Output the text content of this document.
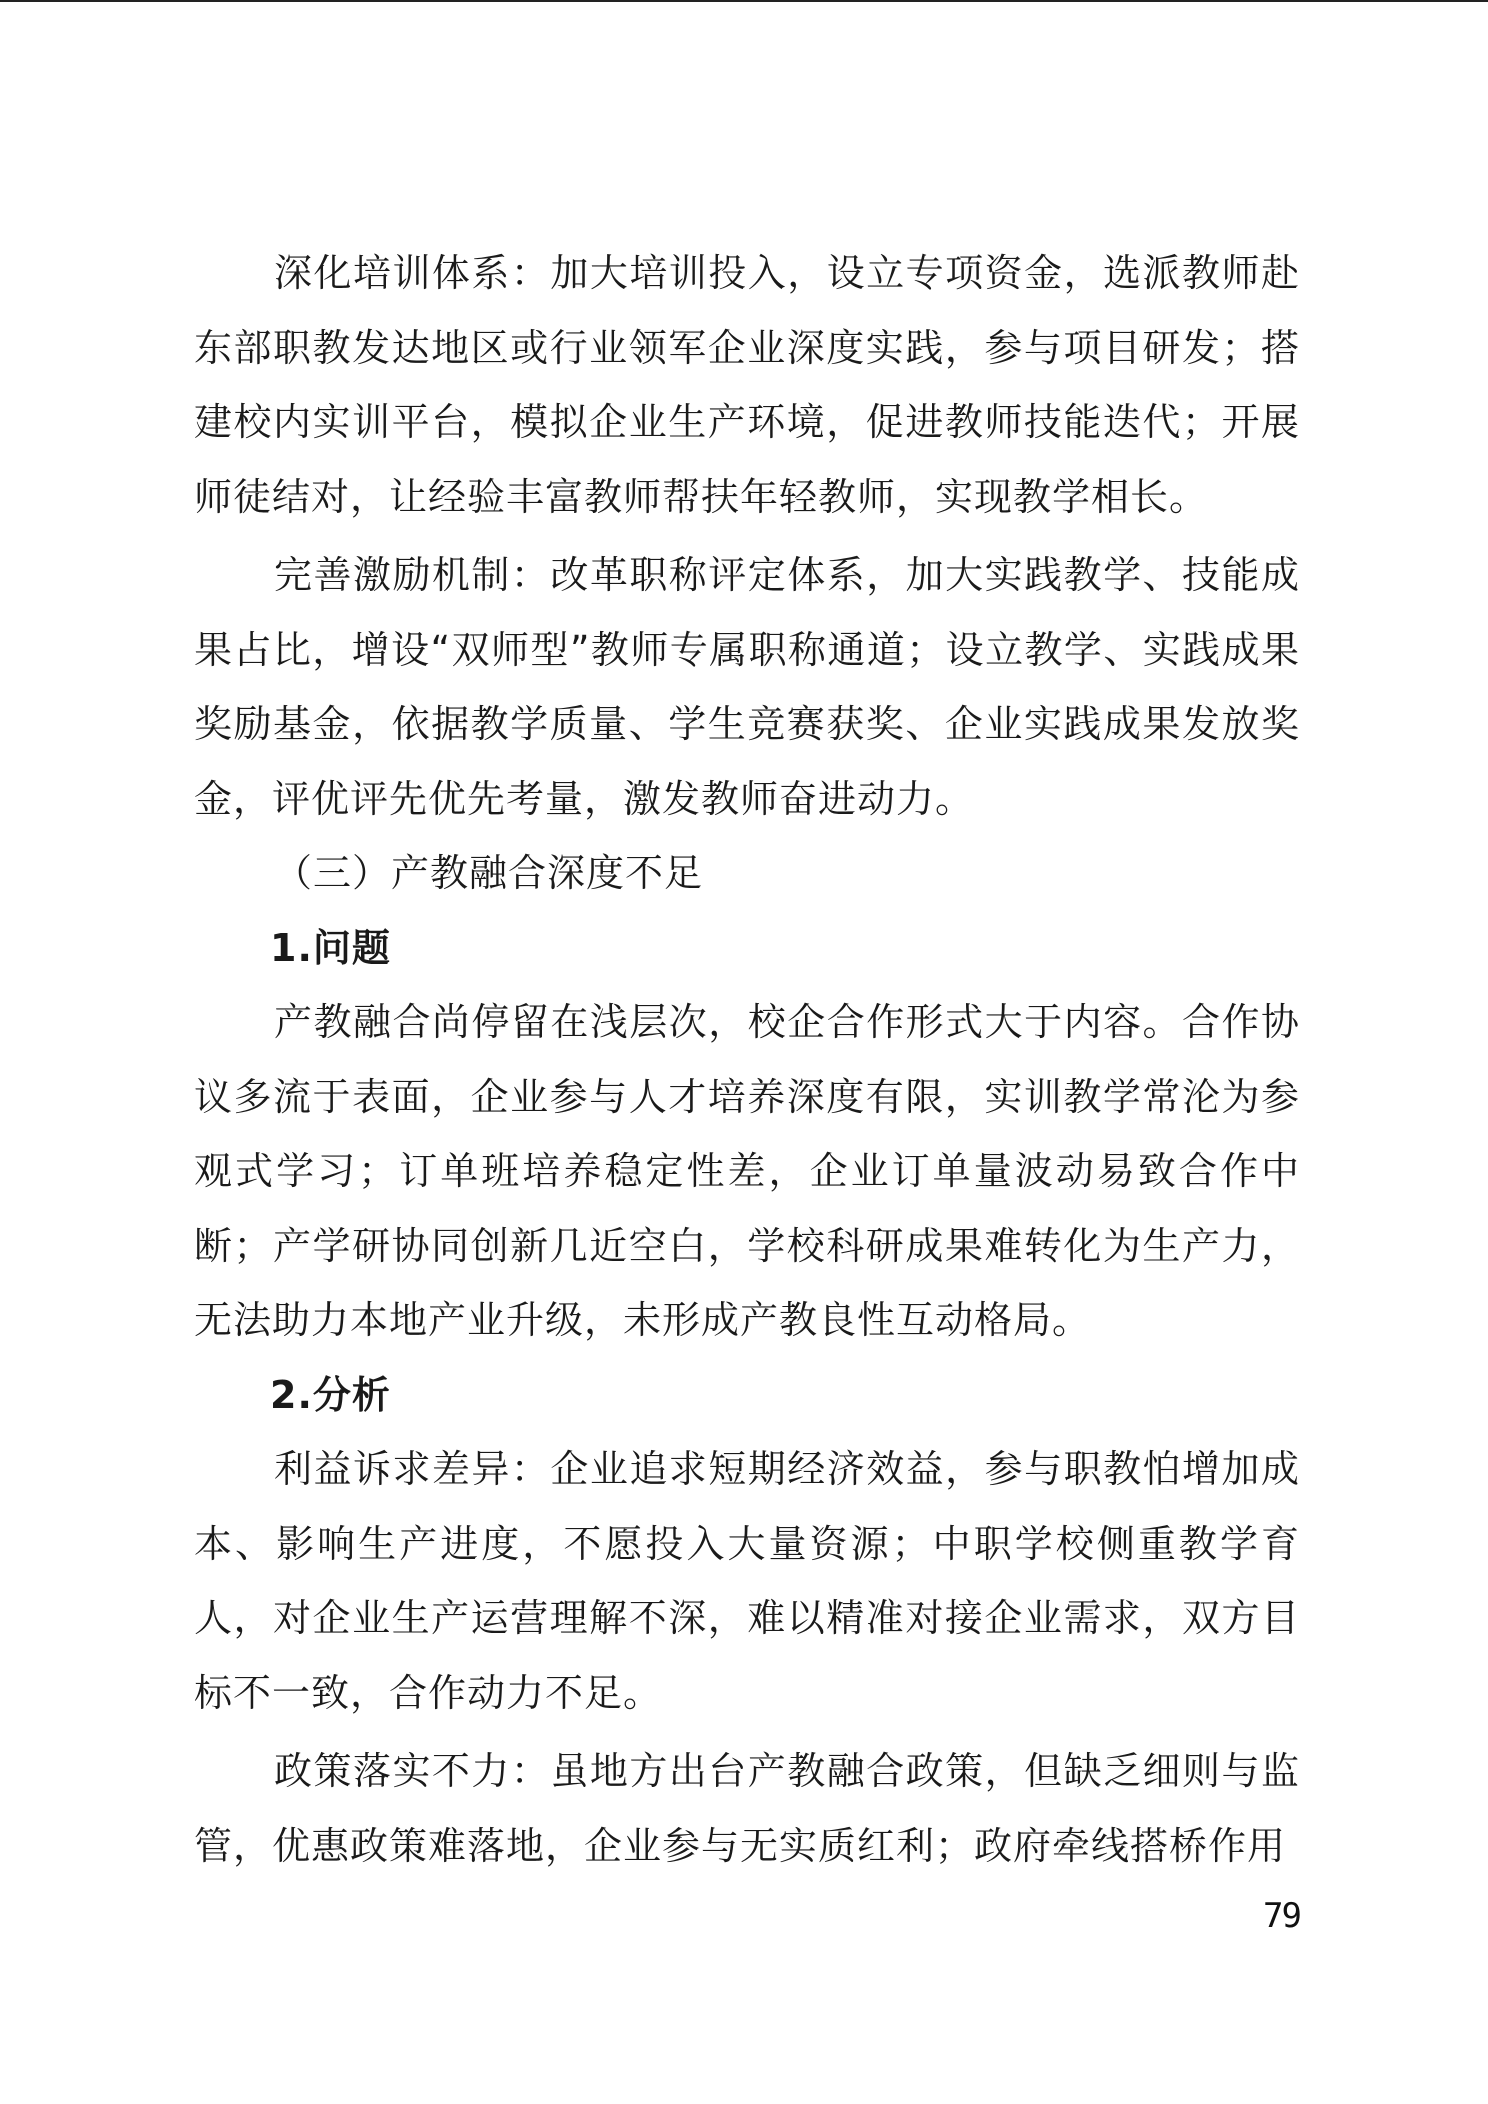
深化培训体系：加大培训投入，设立专项资金，选派教师赴东部职教发达地区或行业领军企业深度实践，参与项目研发；搭建校内实训平台，模拟企业生产环境，促进教师技能迭代；开展师徒结对，让经验丰富教师帮扶年轻教师，实现教学相长。

完善激励机制：改革职称评定体系，加大实践教学、技能成果占比，增设“双师型”教师专属职称通道；设立教学、实践成果奖励基金，依据教学质量、学生竞赛获奖、企业实践成果发放奖金，评优评先优先考量，激发教师奋进动力。

（三）产教融合深度不足

1.问题

产教融合尚停留在浅层次，校企合作形式大于内容。合作协议多流于表面，企业参与人才培养深度有限，实训教学常沦为参观式学习；订单班培养稳定性差，企业订单量波动易致合作中断；产学研协同创新几近空白，学校科研成果难转化为生产力，无法助力本地产业升级，未形成产教良性互动格局。

2.分析

利益诉求差异：企业追求短期经济效益，参与职教怕增加成本、影响生产进度，不愿投入大量资源；中职学校侧重教学育人，对企业生产运营理解不深，难以精准对接企业需求，双方目标不一致，合作动力不足。

政策落实不力：虽地方出台产教融合政策，但缺乏细则与监管，优惠政策难落地，企业参与无实质红利；政府牵线搭桥作用

79
